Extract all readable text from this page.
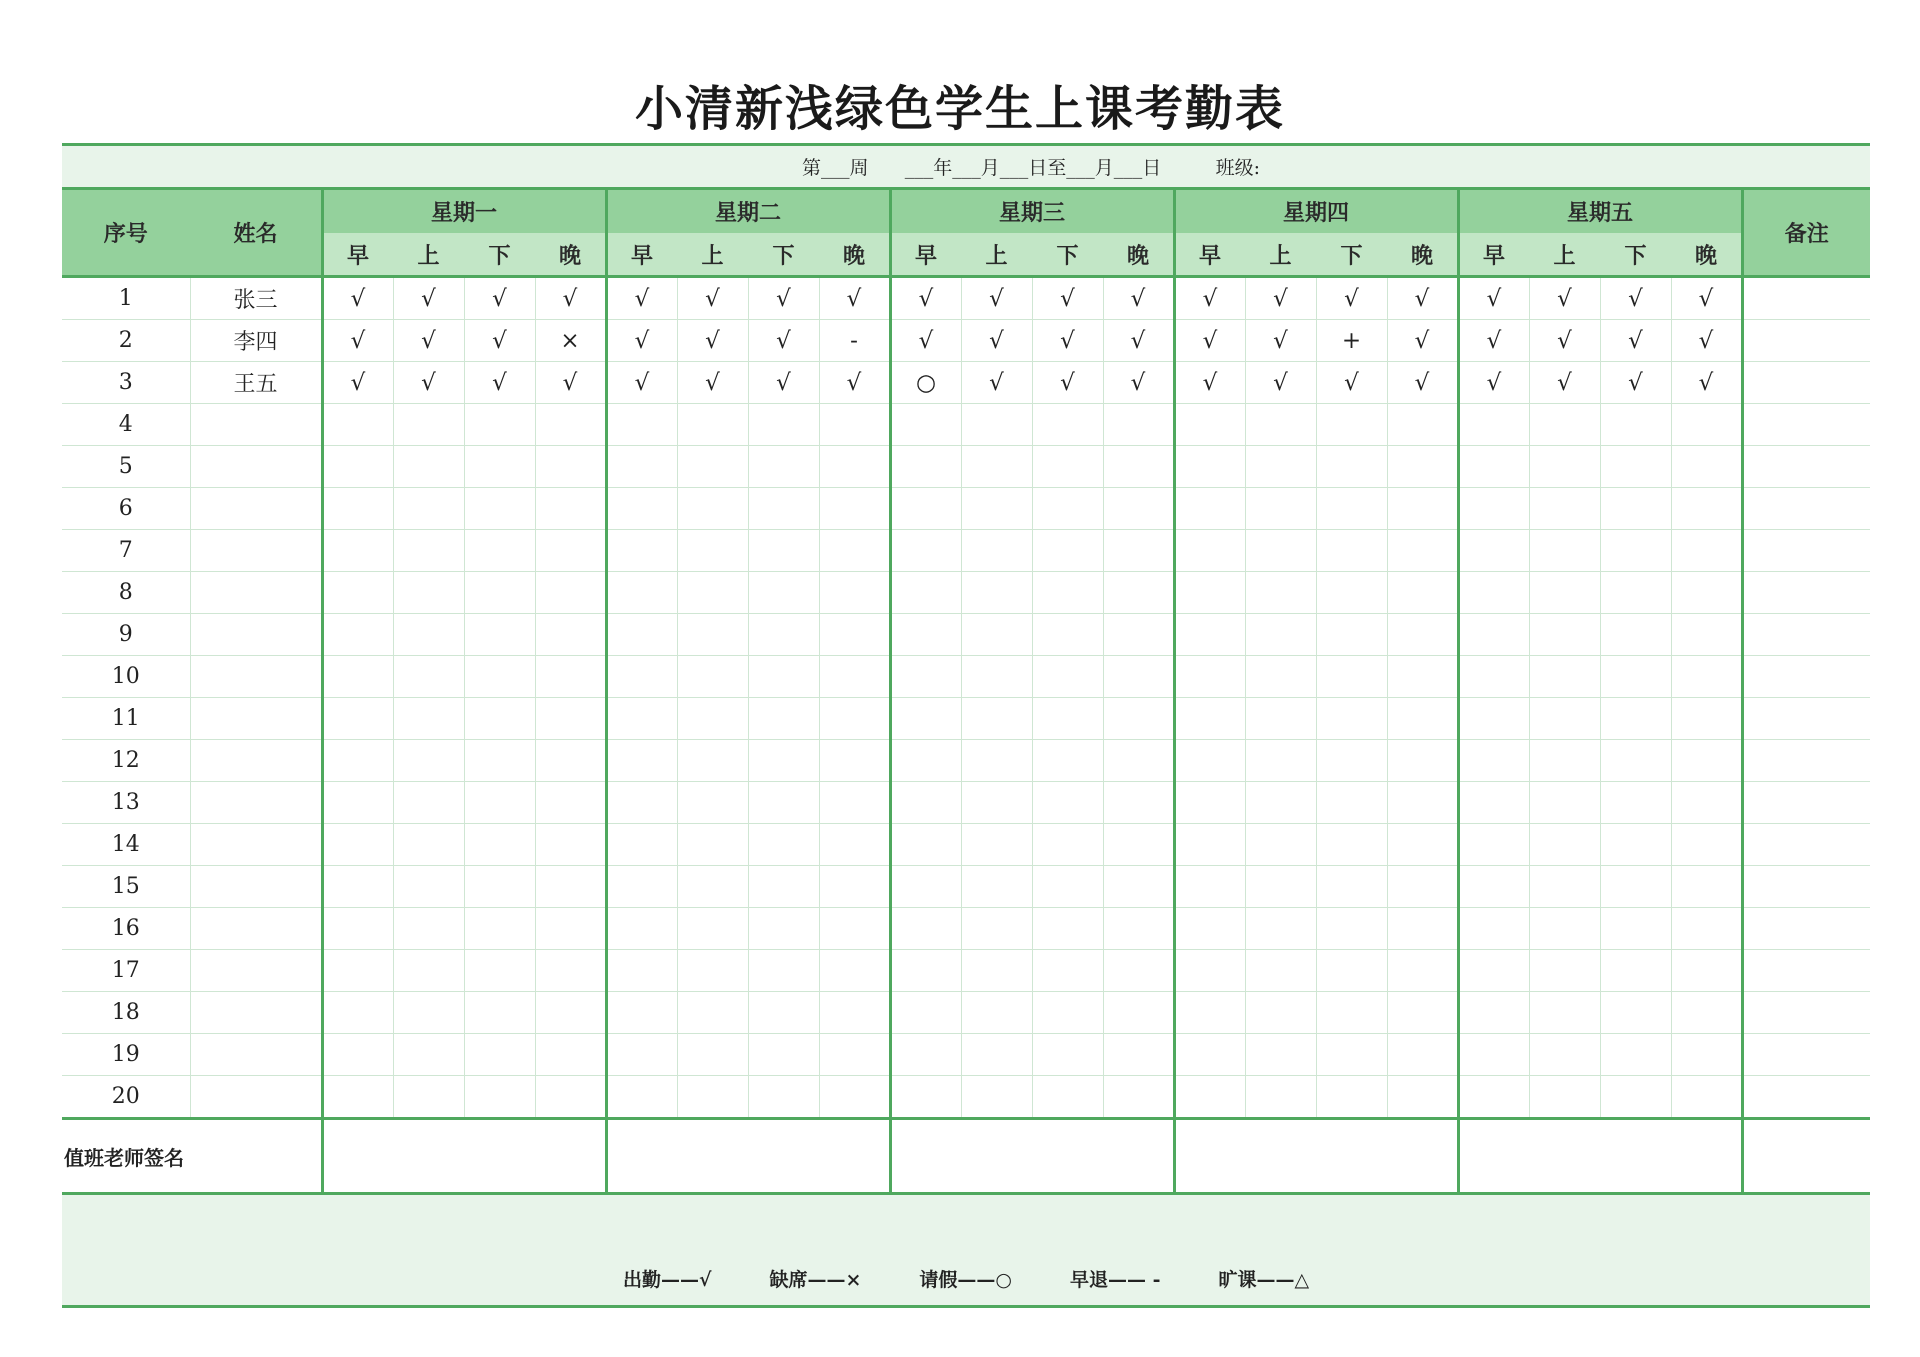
小清新浅绿色学生上课考勤表
第___周
___年___月___日至___月___日
班级:																						

序号	姓名	星期一				星期二				星期三				星期四				星期五				备注
		早	上	下	晚	早	上	下	晚	早	上	下	晚	早	上	下	晚	早	上	下	晚	
1	张三	√	√	√	√	√	√	√	√	√	√	√	√	√	√	√	√	√	√	√	√	
2	李四	√	√	√	×	√	√	√	-	√	√	√	√	√	√	+	√	√	√	√	√	
3	王五	√	√	√	√	√	√	√	√	○	√	√	√	√	√	√	√	√	√	√	√	
4																						
5																						
6																						
7																						
8																						
9																						
10																						
11																						
12																						
13																						
14																						
15																						
16																						
17																						
18																						
19																						
20																						
值班老师签名																						

出勤——√ 缺席——× 请假——○ 早退—— - 旷课——△																						
